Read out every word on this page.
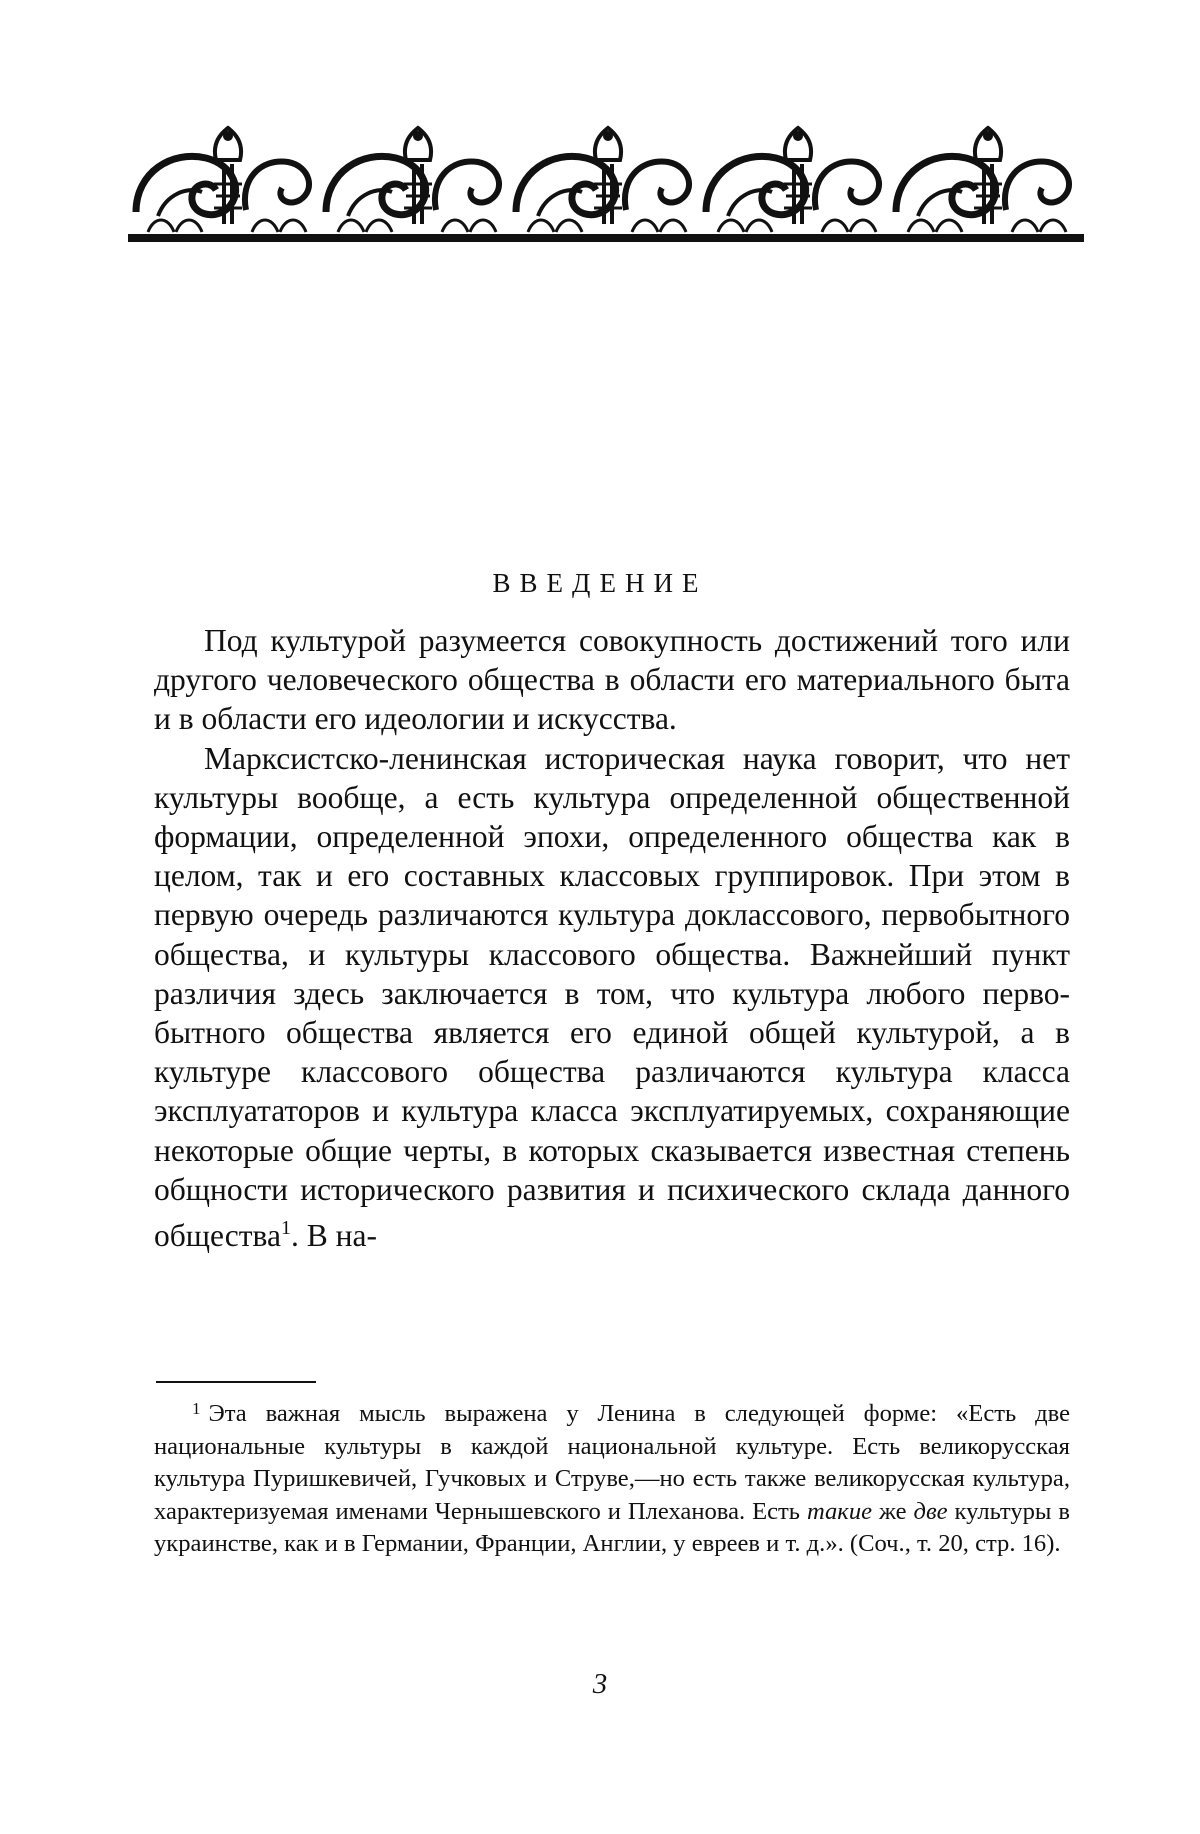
ВВЕДЕНИЕ

Под культурой разумеется совокупность достижений того или другого человеческого общества в области его материального быта и в области его идеологии и искусства.

Марксистско-ленинская историческая наука говорит, что нет культуры вообще, а есть культура определенной общественной формации, определенной эпохи, определенного общества как в целом, так и его составных классовых группировок. При этом в первую очередь различаются культура доклассового, первобытного общества, и культуры классового общества. Важнейший пункт различия здесь заключается в том, что культура любого первобытного общества является его единой общей культурой, а в культуре классового общества различаются культура класса эксплуататоров и культура класса эксплуатируемых, сохраняющие некоторые общие черты, в которых сказывается известная степень общности исторического развития и психического склада данного общества$^1$. В на-

$^1$ Эта важная мысль выражена у Ленина в следующей форме: «Есть две национальные культуры в каждой национальной культуре. Есть великорусская культура Пуришкевичей, Гучковых и Струве,—но есть также великорусская культура, характеризуемая именами Чернышевского и Плеханова. Есть такие же две культуры в украинстве, как и в Германии, Франции, Англии, у евреев и т. д.». (Соч., т. 20, стр. 16).
3
